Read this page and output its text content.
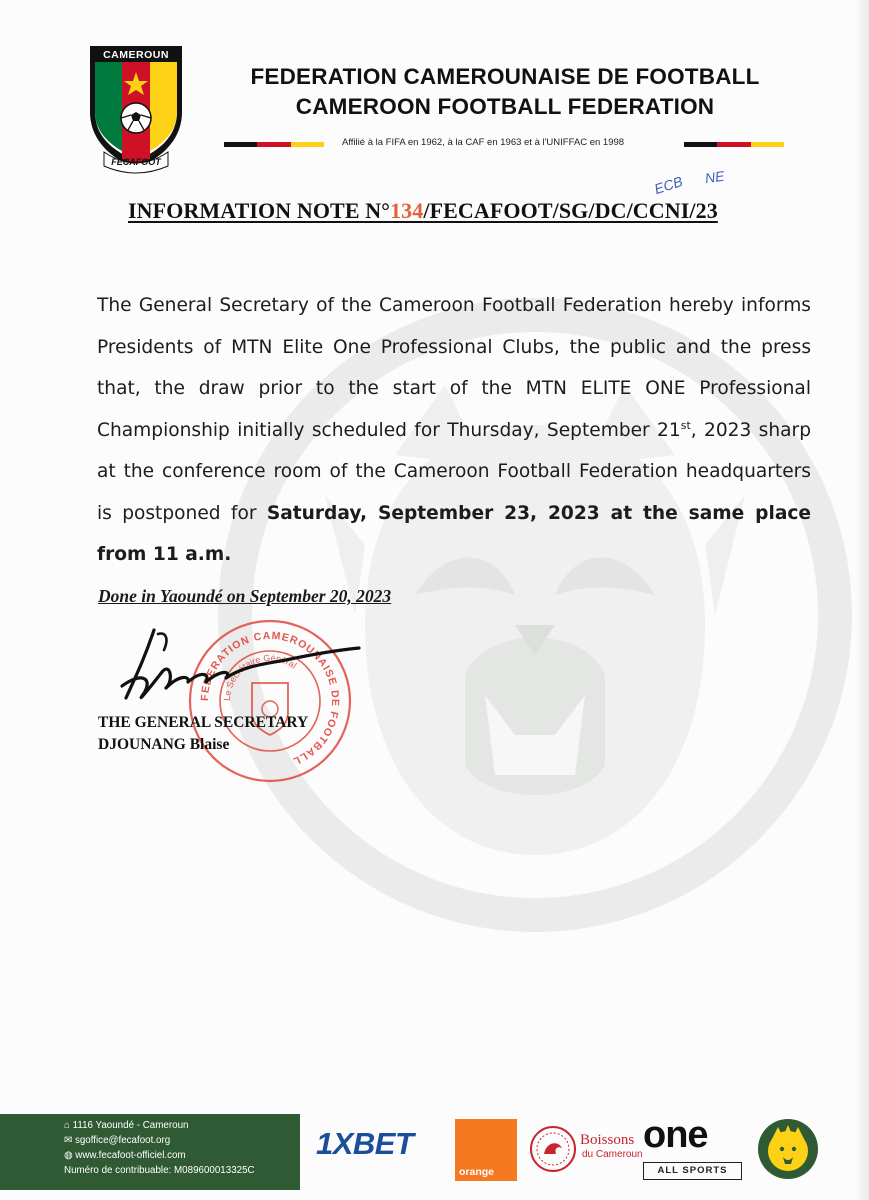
CAMEROUN
FECAFOOT
FEDERATION CAMEROUNAISE DE FOOTBALL
CAMEROON FOOTBALL FEDERATION
Affilié à la FIFA en 1962, à la CAF en 1963 et à l'UNIFFAC en 1998
INFORMATION NOTE N°134/FECAFOOT/SG/DC/CCNI/23
ECB NE
The General Secretary of the Cameroon Football Federation hereby informs Presidents of MTN Elite One Professional Clubs, the public and the press that, the draw prior to the start of the MTN ELITE ONE Professional Championship initially scheduled for Thursday, September 21st, 2023 sharp at the conference room of the Cameroon Football Federation headquarters is postponed for Saturday, September 23, 2023 at the same place from 11 a.m.
Done in Yaoundé on September 20, 2023
FEDERATION CAMEROUNAISE DE FOOTBALL
Le Secrétaire Général
THE GENERAL SECRETARY
DJOUNANG Blaise
⌂ 1116 Yaoundé - Cameroun
✉ sgoffice@fecafoot.org
◍ www.fecafoot-officiel.com
Numéro de contribuable: M089600013325C
1XBET
orange
Boissons
du Cameroun one
ALL SPORTS
